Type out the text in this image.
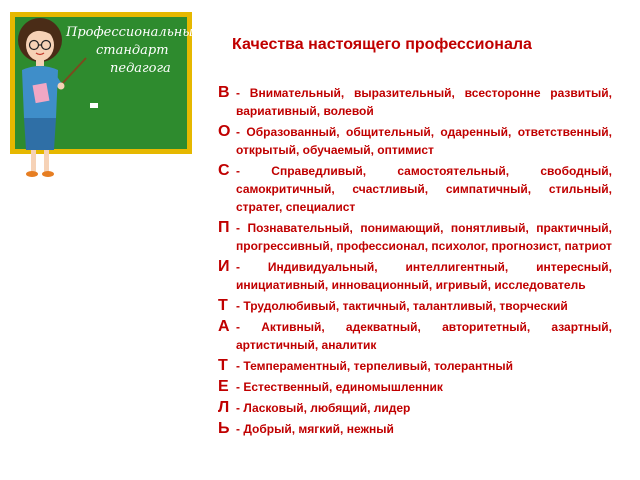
Профессиональный
стандарт
педагога
Качества настоящего профессионала
В - Внимательный, выразительный, всесторонне развитый, вариативный, волевой
О - Образованный, общительный, одаренный, ответственный, открытый, обучаемый, оптимист
С - Справедливый, самостоятельный, свободный, самокритичный, счастливый, симпатичный, стильный, стратег, специалист
П - Познавательный, понимающий, понятливый, практичный, прогрессивный, профессионал, психолог, прогнозист, патриот
И - Индивидуальный, интеллигентный, интересный, инициативный, инновационный, игривый, исследователь
Т - Трудолюбивый, тактичный, талантливый, творческий
А - Активный, адекватный, авторитетный, азартный, артистичный, аналитик
Т - Темпераментный, терпеливый, толерантный
Е - Естественный, единомышленник
Л - Ласковый, любящий, лидер
Ь - Добрый, мягкий, нежный
